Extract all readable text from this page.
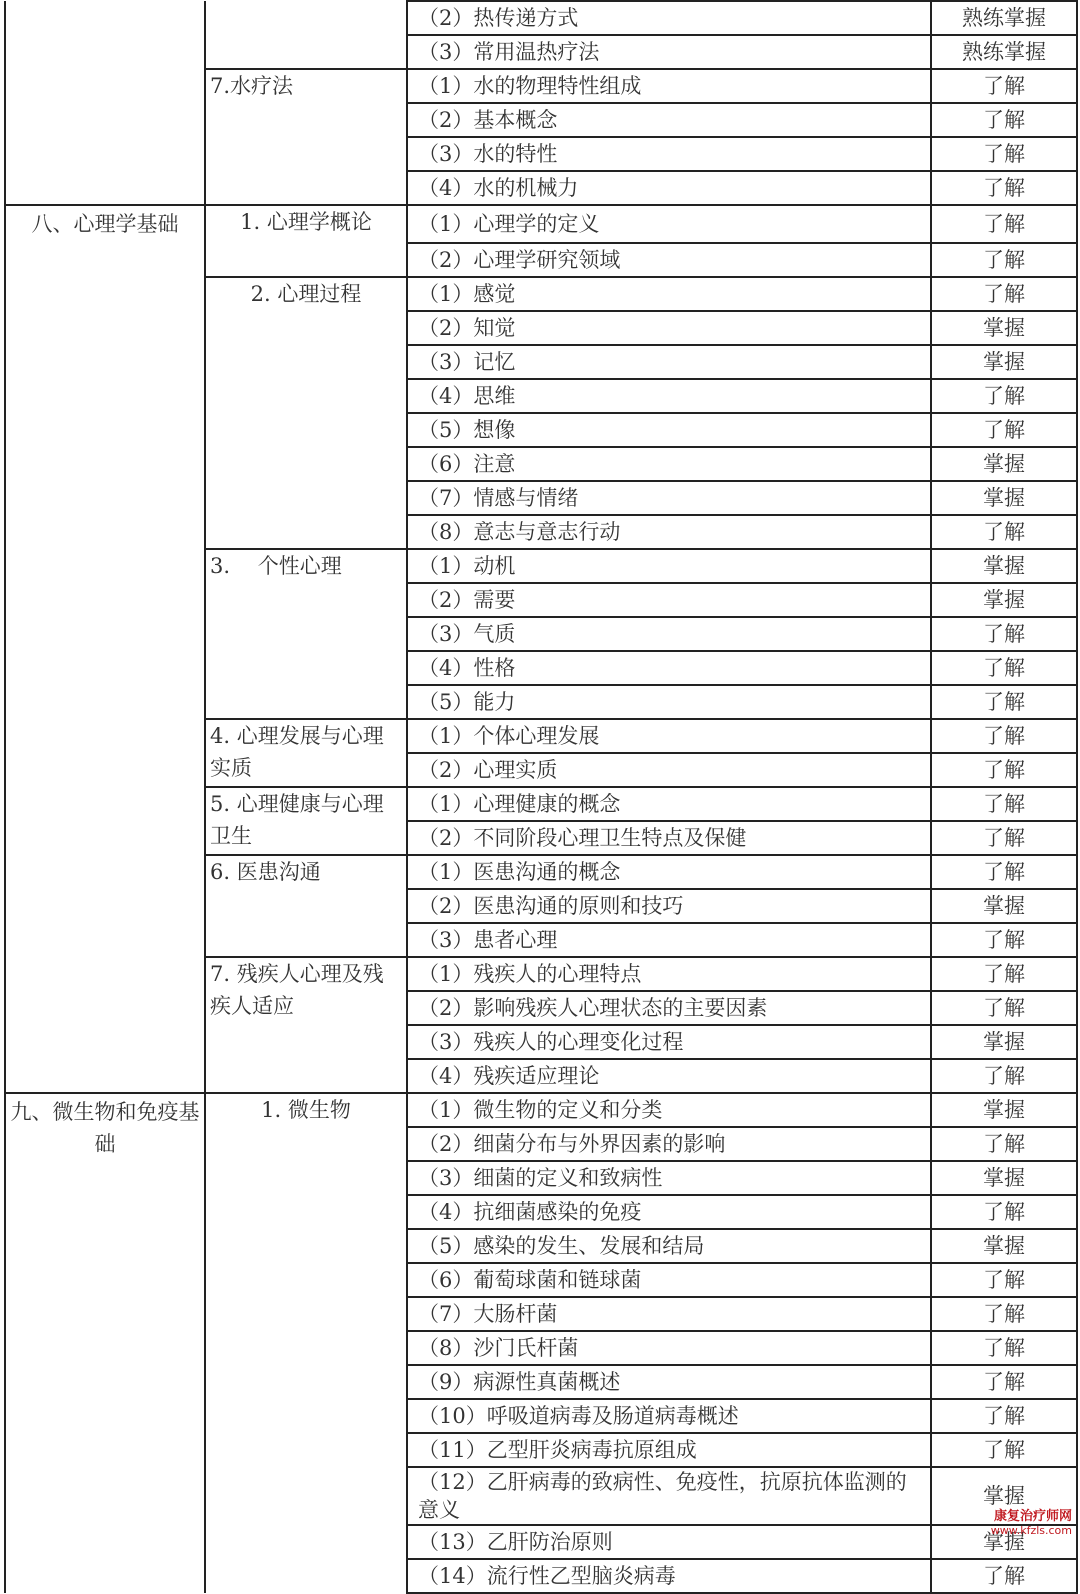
		（2）热传递方式	熟练掌握
		（3）常用温热疗法	熟练掌握
	7.水疗法	（1）水的物理特性组成	了解
		（2）基本概念	了解
		（3）水的特性	了解
		（4）水的机械力	了解
八、心理学基础	1. 心理学概论	（1）心理学的定义	了解
		（2）心理学研究领域	了解
	2. 心理过程	（1）感觉	了解
		（2）知觉	掌握
		（3）记忆	掌握
		（4）思维	了解
		（5）想像	了解
		（6）注意	掌握
		（7）情感与情绪	掌握
		（8）意志与意志行动	了解
	3.　 个性心理	（1）动机	掌握
		（2）需要	掌握
		（3）气质	了解
		（4）性格	了解
		（5）能力	了解
	4. 心理发展与心理实质	（1）个体心理发展	了解
		（2）心理实质	了解
	5. 心理健康与心理卫生	（1）心理健康的概念	了解
		（2）不同阶段心理卫生特点及保健	了解
	6. 医患沟通	（1）医患沟通的概念	了解
		（2）医患沟通的原则和技巧	掌握
		（3）患者心理	了解
	7. 残疾人心理及残疾人适应	（1）残疾人的心理特点	了解
		（2）影响残疾人心理状态的主要因素	了解
		（3）残疾人的心理变化过程	掌握
		（4）残疾适应理论	了解
九、微生物和免疫基础	1. 微生物	（1）微生物的定义和分类	掌握
		（2）细菌分布与外界因素的影响	了解
		（3）细菌的定义和致病性	掌握
		（4）抗细菌感染的免疫	了解
		（5）感染的发生、发展和结局	掌握
		（6）葡萄球菌和链球菌	了解
		（7）大肠杆菌	了解
		（8）沙门氏杆菌	了解
		（9）病源性真菌概述	了解
		（10）呼吸道病毒及肠道病毒概述	了解
		（11）乙型肝炎病毒抗原组成	了解
		（12）乙肝病毒的致病性、免疫性，抗原抗体监测的意义	掌握
		（13）乙肝防治原则	掌握
		（14）流行性乙型脑炎病毒	了解
康复治疗师网
www.kfzls.com
